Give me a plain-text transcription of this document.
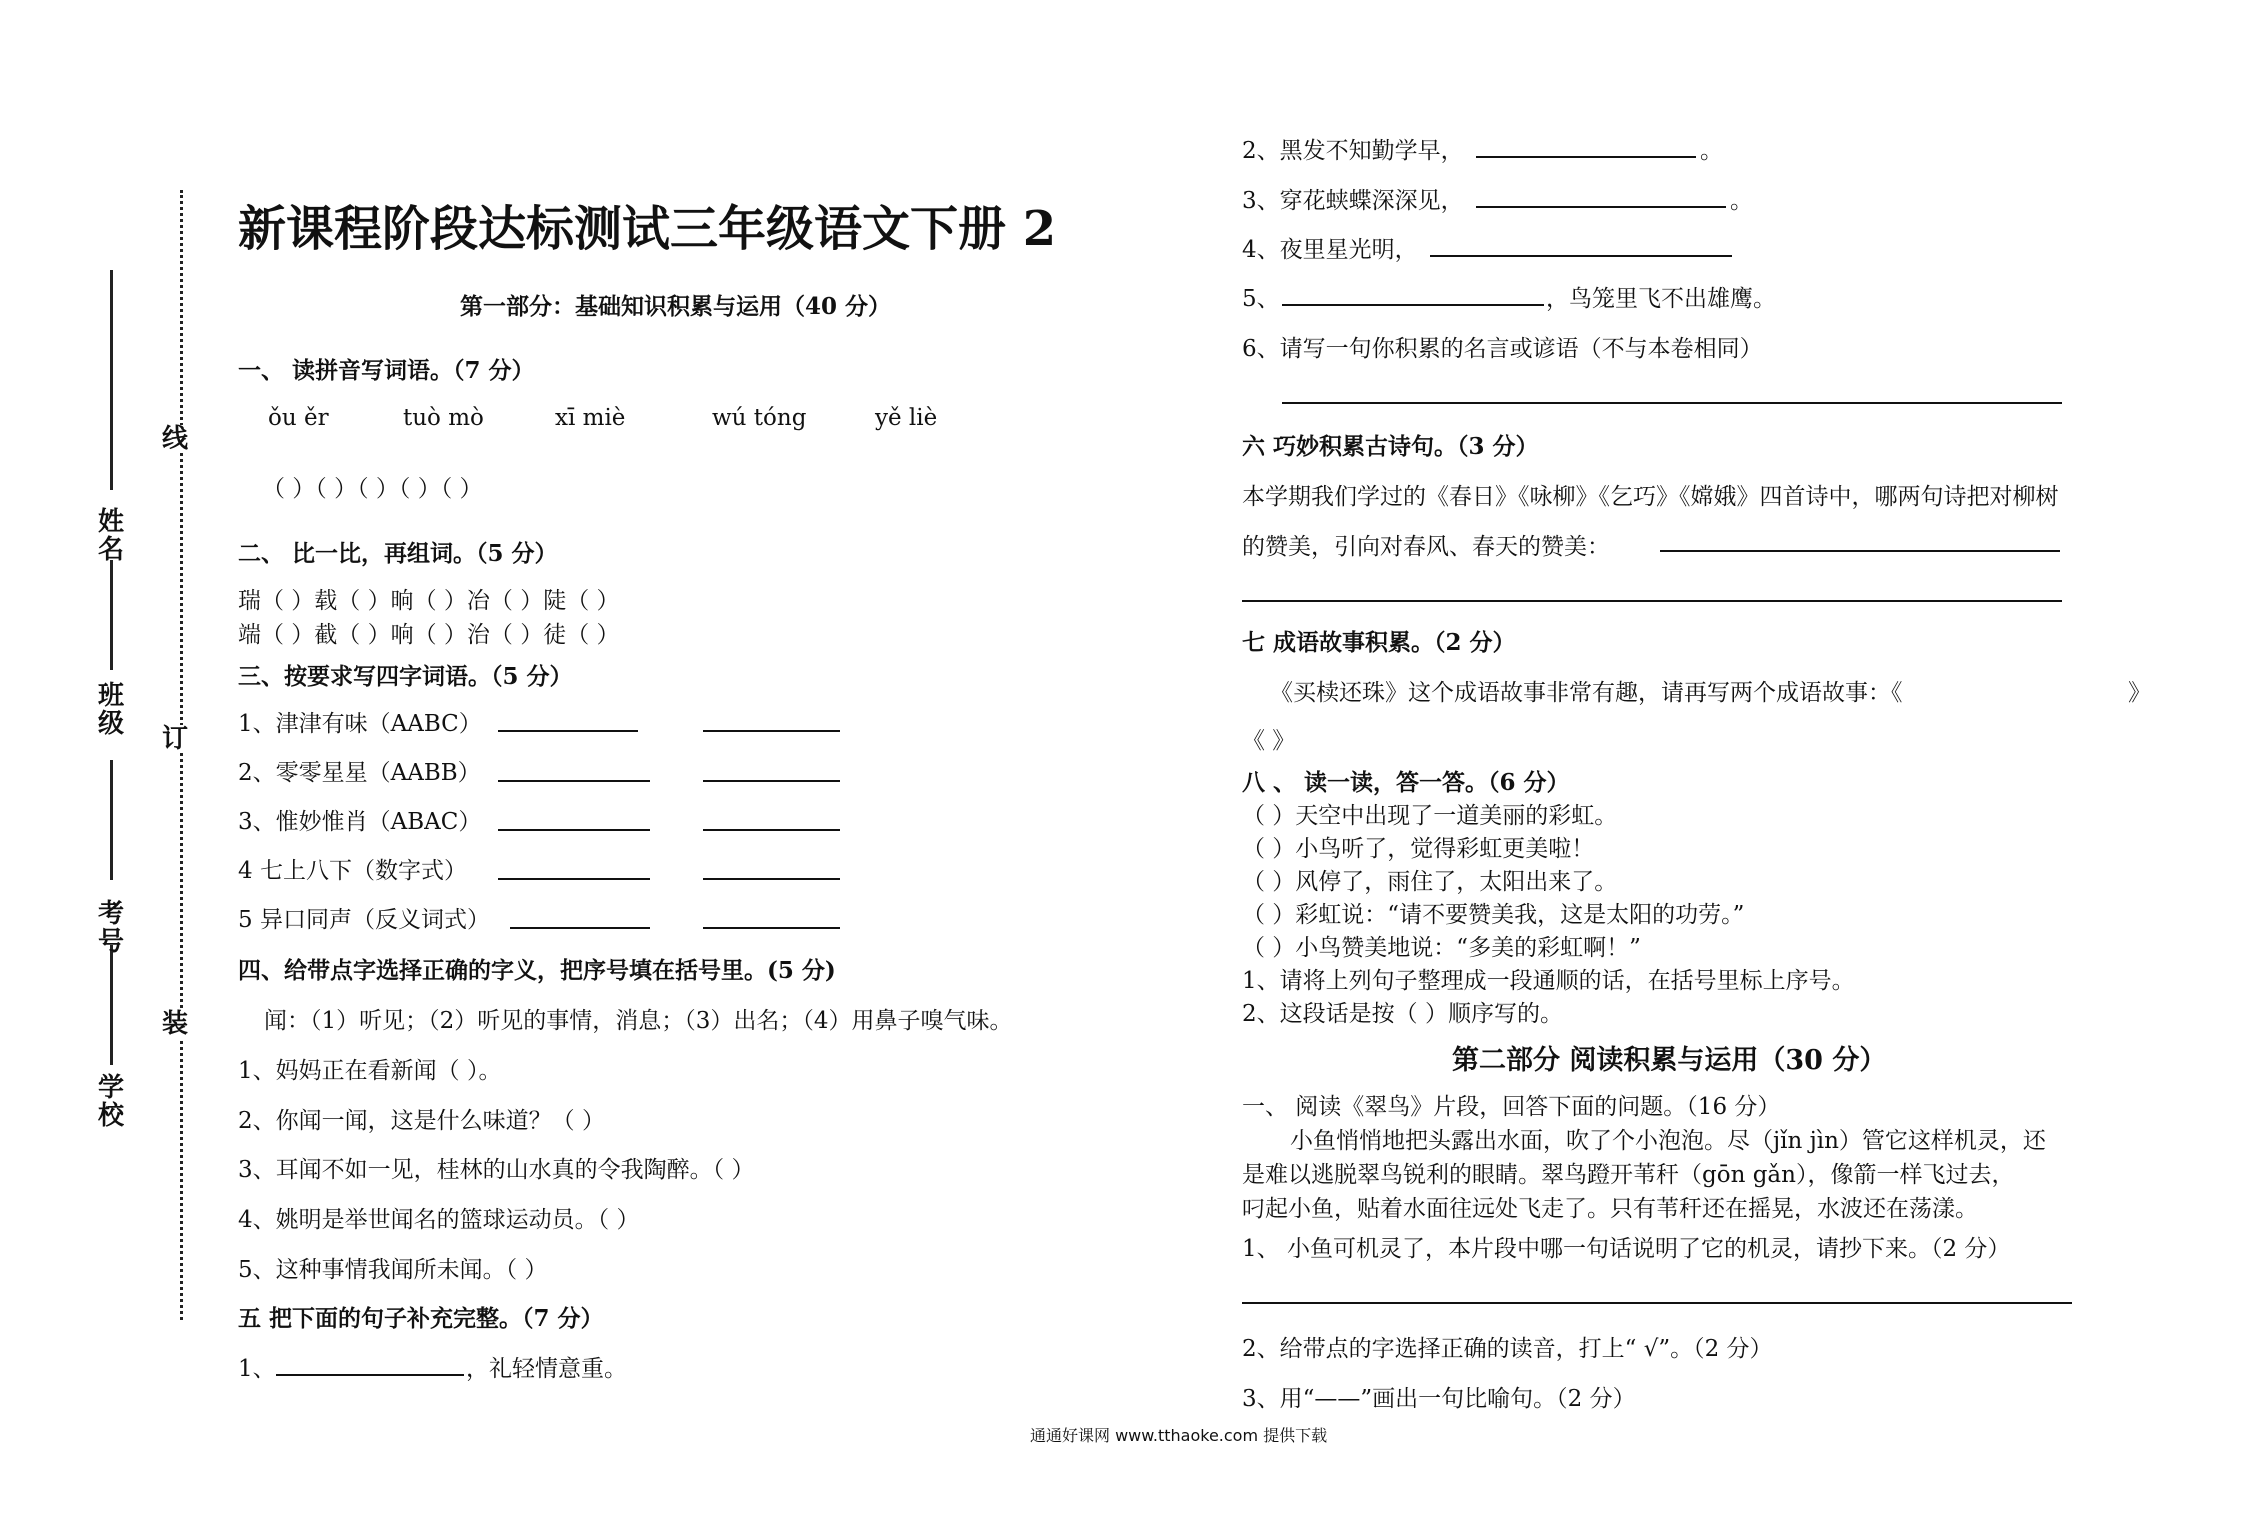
学校
考号
班级
姓名
装
订
线
新课程阶段达标测试三年级语文下册 2
第一部分：基础知识积累与运用（40 分）
一、 读拼音写词语。（7 分）
ǒu ěr	tuò mò	xī miè	wú tóng	yě liè
（ ）（ ）（ ）（ ）（ ）
二、 比一比，再组词。（5 分）
瑞（ ）载（ ）晌（ ）冶（ ）陡（ ）
端（ ）截（ ）响（ ）治（ ）徒（ ）
三、按要求写四字词语。（5 分）
1、津津有味（AABC）
2、零零星星（AABB）
3、惟妙惟肖（ABAC）
4 七上八下（数字式）
5 异口同声（反义词式）
四、给带点字选择正确的字义，把序号填在括号里。(5 分)
闻：（1）听见；（2）听见的事情，消息；（3）出名；（4）用鼻子嗅气味。
1、妈妈正在看新闻（ ）。
2、你闻一闻，这是什么味道？（ ）
3、耳闻不如一见，桂林的山水真的令我陶醉。（ ）
4、姚明是举世闻名的篮球运动员。（ ）
5、这种事情我闻所未闻。（ ）
五 把下面的句子补充完整。（7 分）
1、	，礼轻情意重。
2、黑发不知勤学早，	。
3、穿花蛱蝶深深见，	。
4、夜里星光明，
5、	，鸟笼里飞不出雄鹰。
6、请写一句你积累的名言或谚语（不与本卷相同）
六 巧妙积累古诗句。（3 分）
本学期我们学过的《春日》《咏柳》《乞巧》《嫦娥》四首诗中，哪两句诗把对柳树
的赞美，引向对春风、春天的赞美：
七 成语故事积累。（2 分）
《买椟还珠》这个成语故事非常有趣，请再写两个成语故事：《	》
《 》
八 、 读一读，答一答。（6 分）
（ ）天空中出现了一道美丽的彩虹。
（ ）小鸟听了，觉得彩虹更美啦！
（ ）风停了，雨住了，太阳出来了。
（ ）彩虹说：“请不要赞美我，这是太阳的功劳。”
（ ）小鸟赞美地说：“多美的彩虹啊！”
1、请将上列句子整理成一段通顺的话，在括号里标上序号。
2、这段话是按（ ）顺序写的。
第二部分 阅读积累与运用（30 分）
一、 阅读《翠鸟》片段，回答下面的问题。（16 分）
小鱼悄悄地把头露出水面，吹了个小泡泡。尽（jǐn jìn）管它这样机灵，还
是难以逃脱翠鸟锐利的眼睛。翠鸟蹬开苇秆（gōn gǎn），像箭一样飞过去，
叼起小鱼，贴着水面往远处飞走了。只有苇秆还在摇晃，水波还在荡漾。
1、 小鱼可机灵了，本片段中哪一句话说明了它的机灵，请抄下来。（2 分）
2、给带点的字选择正确的读音，打上“ √”。（2 分）
3、用“——”画出一句比喻句。（2 分）
通通好课网 www.tthaoke.com 提供下载
